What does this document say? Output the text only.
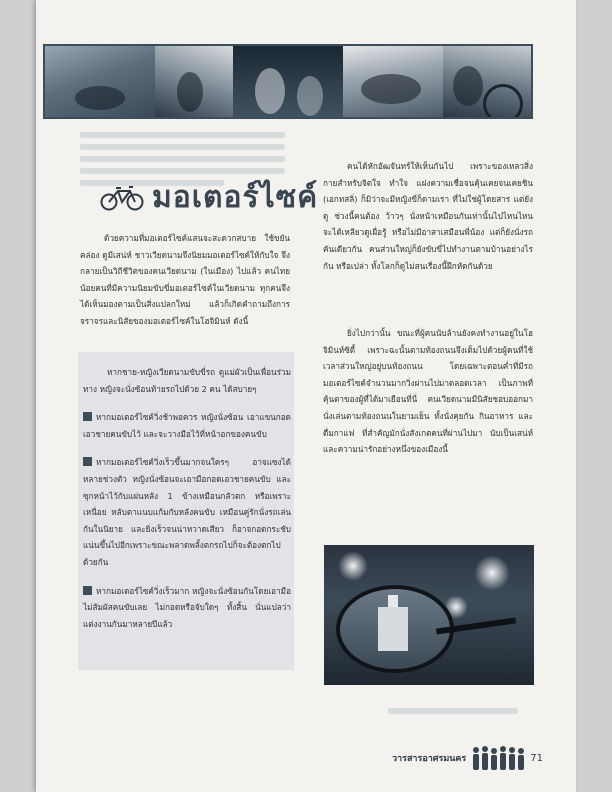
มอเตอร์ไซค์

ด้วยความที่มอเตอร์ไซค์แสนจะสะดวกสบาย ใช้ขยันคล่อง ดูมีเสน่ห์ ชาวเวียดนามจึงนิยมมอเตอร์ไซค์ให้กับใจ จึงกลายเป็นวิถีชีวิตของคนเวียดนาม (ในเมือง) ไปแล้ว คนไทยน้อยคนที่มีความนิยมขับขี่มอเตอร์ไซค์ในเวียดนาม ทุกคนจึงได้เห็นมองตามเป็นสิ่งแปลกใหม่ แล้วก็เกิดคำถามถึงการจราจรและนิสัยของมอเตอร์ไซค์ในโฮจิมินห์ ดังนี้

หากชาย-หญิงเวียดนามขับขี่รถ ดูแม่ผัวเป็นเพื่อนร่วมทาง หญิงจะนั่งซ้อนท้ายรถไปด้วย 2 คน ได้สบายๆ

หากมอเตอร์ไซค์วิ่งช้าพอควร หญิงนั่งซ้อน เอาแขนกอดเอวชายคนขับไว้ และจะวางมือไว้ที่หน้าอกของคนขับ

หากมอเตอร์ไซค์วิ่งเร็วขึ้นมากจนใครๆ อาจแซงได้ หลายช่วงตัว หญิงนั่งซ้อนจะเอามือกอดเอวชายคนขับ และซุกหน้าไว้กับแผ่นหลัง 1 ข้างเหมือนกลัวตก หรือเพราะเหนื่อย หลับตาแนบแก้มกับหลังคนขับ เหมือนคู่รักนั่งรถเล่นกันในนิยาย และยิ่งเร็วจนน่าหวาดเสียว ก็อาจกอดกระชับแน่นขึ้นไปอีกเพราะขณะพลาดพลั้งตกรถไปก็จะต้องตกไปด้วยกัน

หากมอเตอร์ไซค์วิ่งเร็วมาก หญิงจะนั่งซ้อนกันโดยเอามือไม่สัมผัสคนขับเลย ไม่กอดหรือจับใดๆ ทั้งสิ้น นั่นแปลว่าแต่งงานกันมาหลายปีแล้ว

คนได้หักอัฒจันทร์ให้เห็นกันไป เพราะของเหลวสิ่งกายสำหรับจิตใจ ทำใจ แฝงความเชื่อจนคุ้นเคยจนเคยชิน (เอกทสลิ่) ก็มิว่าจะมีหญิงขี่ก็ตามเรา ที่ไม่ใช่ผู้โดยสาร แต่ยังดู ช่วงนี้คนต้อง ว้าวๆ นั่งหน้าเหมือนกันเท่านั้นไปไหนไหน จะได้เหลียวดูเผื่อรู้ หรือไม่มีอาสาเสมือนพี่น้อง แต่ก็ยังนั่งรถคันเดียวกัน คนส่วนใหญ่ก็ยังขับขี่ไปทำงานตามบ้านอย่างไรกัน หรือเปล่า ทั้งโลกก็ดูไม่สนเรื่องนี้ฝึกหัดกันด้วย

ยิ่งไปกว่านั้น ขณะที่ผู้คนนับล้านยังคงทำงานอยู่ในโฮจิมินห์ซิตี้ เพราะฉะนั้นตามท้องถนนจึงเต็มไปด้วยผู้คนที่ใช้เวลาส่วนใหญ่อยู่บนท้องถนน โดยเฉพาะตอนค่ำที่มีรถมอเตอร์ไซค์จำนวนมากวิ่งผ่านไปมาตลอดเวลา เป็นภาพที่คุ้นตาของผู้ที่ได้มาเยือนที่นี่ คนเวียดนามมีนิสัยชอบออกมานั่งเล่นตามท้องถนนในยามเย็น ทั้งนั่งคุยกัน กินอาหาร และดื่มกาแฟ ที่สำคัญมักนั่งสังเกตคนที่ผ่านไปมา นับเป็นเสน่ห์และความน่ารักอย่างหนึ่งของเมืองนี้

วารสารอาศรมนคร	71
